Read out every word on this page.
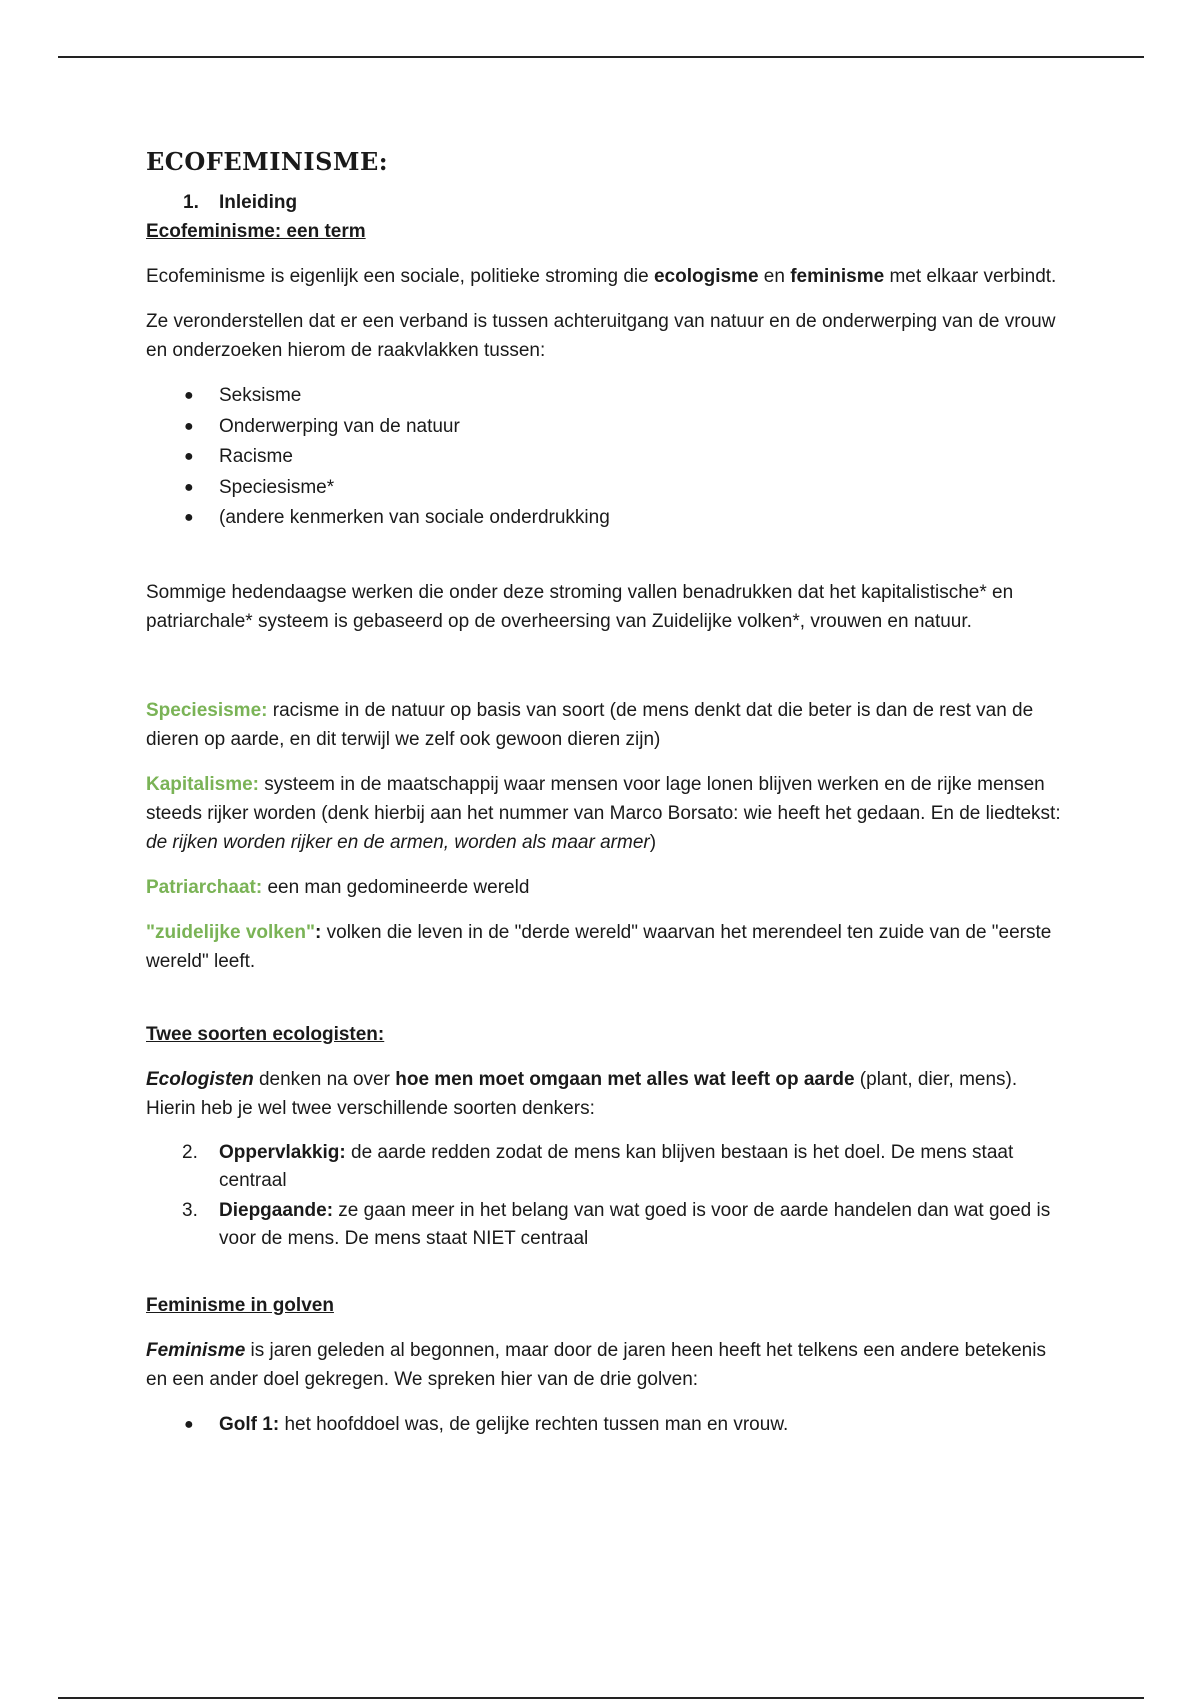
ECOFEMINISME:
1. Inleiding
Ecofeminisme: een term

Ecofeminisme is eigenlijk een sociale, politieke stroming die ecologisme en feminisme met elkaar verbindt.

Ze veronderstellen dat er een verband is tussen achteruitgang van natuur en de onderwerping van de vrouw en onderzoeken hierom de raakvlakken tussen:

● Seksisme
● Onderwerping van de natuur
● Racisme
● Speciesisme*
● (andere kenmerken van sociale onderdrukking

Sommige hedendaagse werken die onder deze stroming vallen benadrukken dat het kapitalistische* en patriarchale* systeem is gebaseerd op de overheersing van Zuidelijke volken*, vrouwen en natuur.

Speciesisme: racisme in de natuur op basis van soort (de mens denkt dat die beter is dan de rest van de dieren op aarde, en dit terwijl we zelf ook gewoon dieren zijn)

Kapitalisme: systeem in de maatschappij waar mensen voor lage lonen blijven werken en de rijke mensen steeds rijker worden (denk hierbij aan het nummer van Marco Borsato: wie heeft het gedaan. En de liedtekst: de rijken worden rijker en de armen, worden als maar armer)

Patriarchaat: een man gedomineerde wereld

"zuidelijke volken": volken die leven in de "derde wereld" waarvan het merendeel ten zuide van de "eerste wereld" leeft.

Twee soorten ecologisten:

Ecologisten denken na over hoe men moet omgaan met alles wat leeft op aarde (plant, dier, mens). Hierin heb je wel twee verschillende soorten denkers:

2. Oppervlakkig: de aarde redden zodat de mens kan blijven bestaan is het doel. De mens staat centraal
3. Diepgaande: ze gaan meer in het belang van wat goed is voor de aarde handelen dan wat goed is voor de mens. De mens staat NIET centraal
Feminisme in golven

Feminisme is jaren geleden al begonnen, maar door de jaren heen heeft het telkens een andere betekenis en een ander doel gekregen. We spreken hier van de drie golven:

● Golf 1: het hoofddoel was, de gelijke rechten tussen man en vrouw.
